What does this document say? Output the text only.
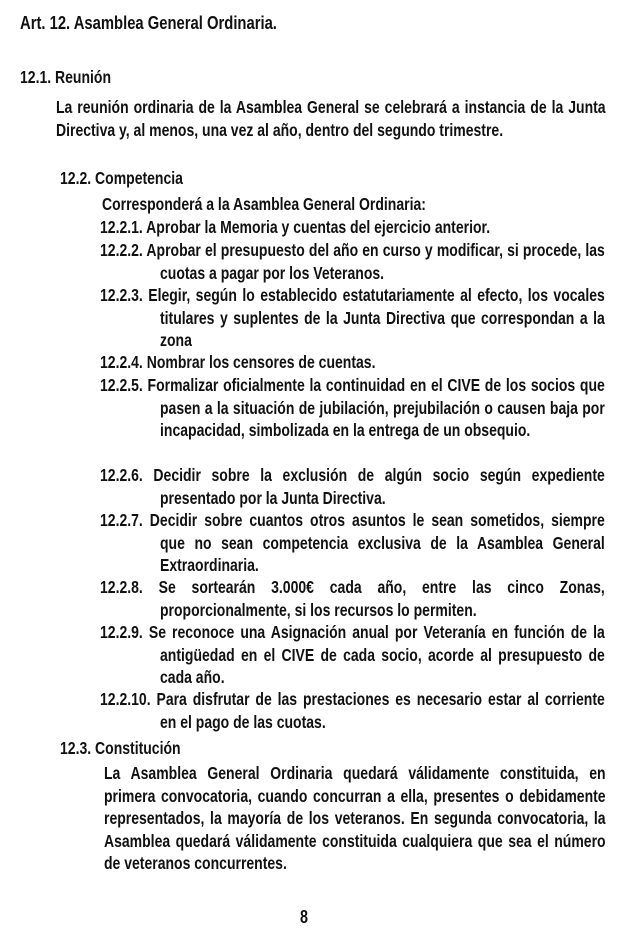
Art. 12. Asamblea General Ordinaria.
12.1. Reunión
La reunión ordinaria de la Asamblea General se celebrará a instancia de la Junta Directiva y, al menos, una vez al año, dentro del segundo trimestre.
12.2. Competencia
Corresponderá a la Asamblea General Ordinaria:
12.2.1. Aprobar la Memoria y cuentas del ejercicio anterior.
12.2.2. Aprobar el presupuesto del año en curso y modificar, si procede, las cuotas a pagar por los Veteranos.
12.2.3. Elegir, según lo establecido estatutariamente al efecto, los vocales titulares y suplentes de la Junta Directiva que correspondan a la zona
12.2.4. Nombrar los censores de cuentas.
12.2.5. Formalizar oficialmente la continuidad en el CIVE de los socios que pasen a la situación de jubilación, prejubilación o causen baja por incapacidad, simbolizada en la entrega de un obsequio.
12.2.6. Decidir sobre la exclusión de algún socio según expediente presentado por la Junta Directiva.
12.2.7. Decidir sobre cuantos otros asuntos le sean sometidos, siempre que no sean competencia exclusiva de la Asamblea General Extraordinaria.
12.2.8. Se sortearán 3.000€ cada año, entre las cinco Zonas, proporcionalmente, si los recursos lo permiten.
12.2.9. Se reconoce una Asignación anual por Veteranía en función de la antigüedad en el CIVE de cada socio, acorde al presupuesto de cada año.
12.2.10. Para disfrutar de las prestaciones es necesario estar al corriente en el pago de las cuotas.
12.3. Constitución
La Asamblea General Ordinaria quedará válidamente constituida, en primera convocatoria, cuando concurran a ella, presentes o debidamente representados, la mayoría de los veteranos. En segunda convocatoria, la Asamblea quedará válidamente constituida cualquiera que sea el número de veteranos concurrentes.
8
